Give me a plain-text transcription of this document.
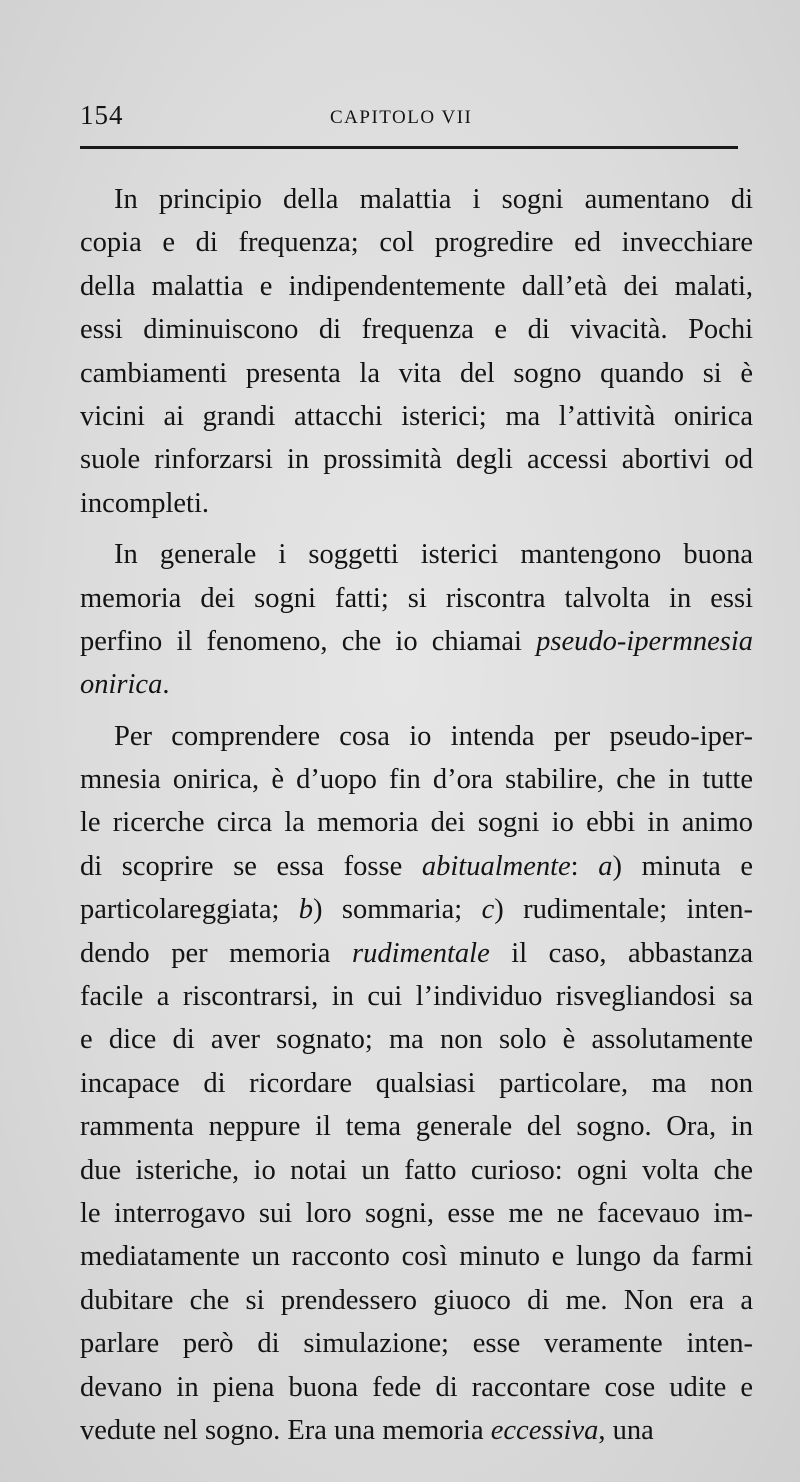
154	CAPITOLO VII
In principio della malattia i sogni aumentano di
copia e di frequenza; col progredire ed invecchiare
della malattia e indipendentemente dall’età dei malati,
essi diminuiscono di frequenza e di vivacità. Pochi
cambiamenti presenta la vita del sogno quando si è
vicini ai grandi attacchi isterici; ma l’attività onirica
suole rinforzarsi in prossimità degli accessi abortivi od
incompleti.
In generale i soggetti isterici mantengono buona
memoria dei sogni fatti; si riscontra talvolta in essi
perfino il fenomeno, che io chiamai pseudo-ipermnesia
onirica.
Per comprendere cosa io intenda per pseudo-iper-
mnesia onirica, è d’uopo fin d’ora stabilire, che in tutte
le ricerche circa la memoria dei sogni io ebbi in animo
di scoprire se essa fosse abitualmente: a) minuta e
particolareggiata; b) sommaria; c) rudimentale; inten-
dendo per memoria rudimentale il caso, abbastanza
facile a riscontrarsi, in cui l’individuo risvegliandosi sa
e dice di aver sognato; ma non solo è assolutamente
incapace di ricordare qualsiasi particolare, ma non
rammenta neppure il tema generale del sogno. Ora, in
due isteriche, io notai un fatto curioso: ogni volta che
le interrogavo sui loro sogni, esse me ne facevauo im-
mediatamente un racconto così minuto e lungo da farmi
dubitare che si prendessero giuoco di me. Non era a
parlare però di simulazione; esse veramente inten-
devano in piena buona fede di raccontare cose udite e
vedute nel sogno. Era una memoria eccessiva, una
